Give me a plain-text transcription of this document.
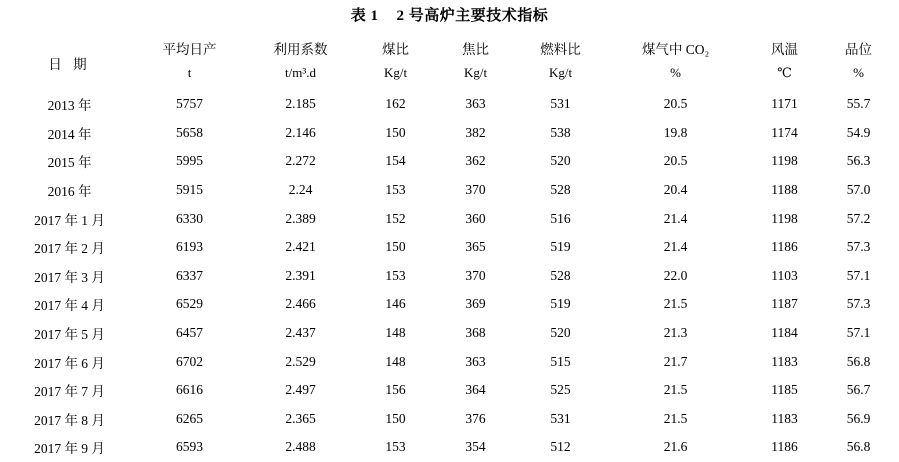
表 1 2 号高炉主要技术指标

日 期	平均日产	利用系数	煤比	焦比	燃料比	煤气中 CO₂	风温	品位
	t	t/m³.d	Kg/t	Kg/t	Kg/t	%	℃	%

2013 年	5757	2.185	162	363	531	20.5	1171	55.7
2014 年	5658	2.146	150	382	538	19.8	1174	54.9
2015 年	5995	2.272	154	362	520	20.5	1198	56.3
2016 年	5915	2.24	153	370	528	20.4	1188	57.0
2017 年 1 月	6330	2.389	152	360	516	21.4	1198	57.2
2017 年 2 月	6193	2.421	150	365	519	21.4	1186	57.3
2017 年 3 月	6337	2.391	153	370	528	22.0	1103	57.1
2017 年 4 月	6529	2.466	146	369	519	21.5	1187	57.3
2017 年 5 月	6457	2.437	148	368	520	21.3	1184	57.1
2017 年 6 月	6702	2.529	148	363	515	21.7	1183	56.8
2017 年 7 月	6616	2.497	156	364	525	21.5	1185	56.7
2017 年 8 月	6265	2.365	150	376	531	21.5	1183	56.9
2017 年 9 月	6593	2.488	153	354	512	21.6	1186	56.8
